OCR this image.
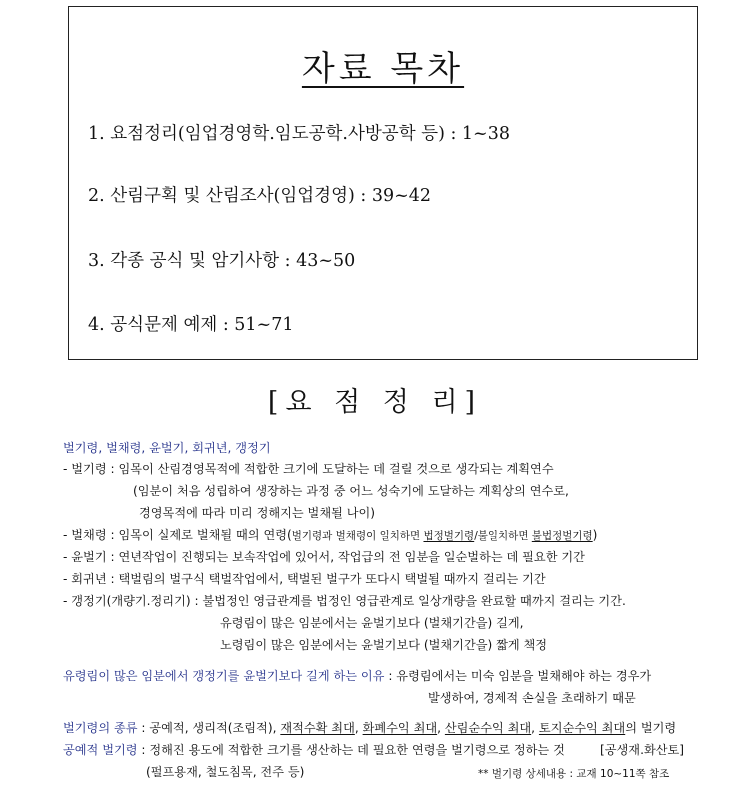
자료 목차
1. 요점정리(임업경영학.임도공학.사방공학 등) : 1~38
2. 산림구획 및 산림조사(임업경영) : 39~42
3. 각종 공식 및 암기사항 : 43~50
4. 공식문제 예제 : 51~71
[요 점 정 리]
벌기령, 벌채령, 윤벌기, 회귀년, 갱정기
- 벌기령 : 임목이 산림경영목적에 적합한 크기에 도달하는 데 걸릴 것으로 생각되는 계획연수
(임분이 처음 성립하여 생장하는 과정 중 어느 성숙기에 도달하는 계획상의 연수로,
경영목적에 따라 미리 정해지는 벌채될 나이)
- 벌채령 : 임목이 실제로 벌채될 때의 연령(벌기령과 벌채령이 일치하면 법정벌기령/불일치하면 불법정벌기령)
- 윤벌기 : 연년작업이 진행되는 보속작업에 있어서, 작업급의 전 임분을 일순벌하는 데 필요한 기간
- 회귀년 : 택벌림의 벌구식 택벌작업에서, 택벌된 벌구가 또다시 택벌될 때까지 걸리는 기간
- 갱정기(개량기.정리기) : 불법정인 영급관계를 법정인 영급관계로 일상개량을 완료할 때까지 걸리는 기간.
유령림이 많은 임분에서는 윤벌기보다 (벌채기간을) 길게,
노령림이 많은 임분에서는 윤벌기보다 (벌채기간을) 짧게 책정
유령림이 많은 임분에서 갱정기를 윤벌기보다 길게 하는 이유 : 유령림에서는 미숙 임분을 벌채해야 하는 경우가
발생하여, 경제적 손실을 초래하기 때문
벌기령의 종류 : 공예적, 생리적(조림적), 재적수확 최대, 화폐수익 최대, 산림순수익 최대, 토지순수익 최대의 벌기령
공예적 벌기령 : 정해진 용도에 적합한 크기를 생산하는 데 필요한 연령을 벌기령으로 정하는 것	[공생재.화산토]
(펄프용재, 철도침목, 전주 등)	** 벌기령 상세내용 : 교재 10~11쪽 참조
